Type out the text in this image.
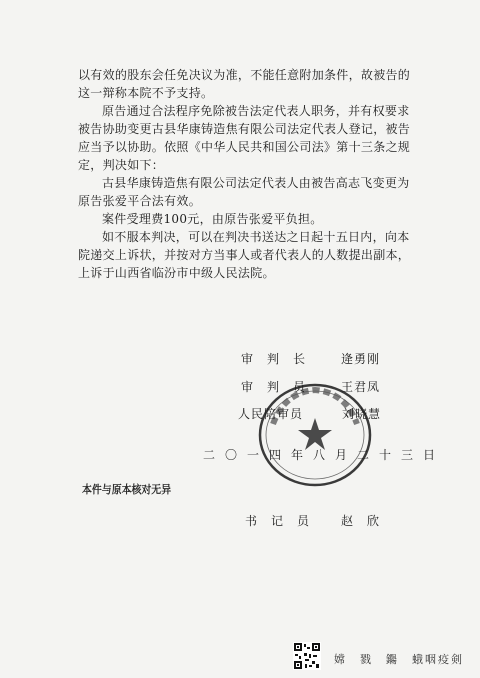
以有效的股东会任免决议为准，不能任意附加条件，故被告的这一辩称本院不予支持。

原告通过合法程序免除被告法定代表人职务，并有权要求被告协助变更古县华康铸造焦有限公司法定代表人登记，被告应当予以协助。依照《中华人民共和国公司法》第十三条之规定，判决如下：

古县华康铸造焦有限公司法定代表人由被告高志飞变更为原告张爱平合法有效。

案件受理费100元，由原告张爱平负担。

如不服本判决，可以在判决书送达之日起十五日内，向本院递交上诉状，并按对方当事人或者代表人的人数提出副本，上诉于山西省临汾市中级人民法院。

审　判　长	逄勇刚
审　判　员	王君凤
人民陪审员	刘晓慧
二〇一四年八月二十三日
本件与原本核对无异
书　记　员	赵　欣
嫦　戮　鐊　蛾咽疫剣
